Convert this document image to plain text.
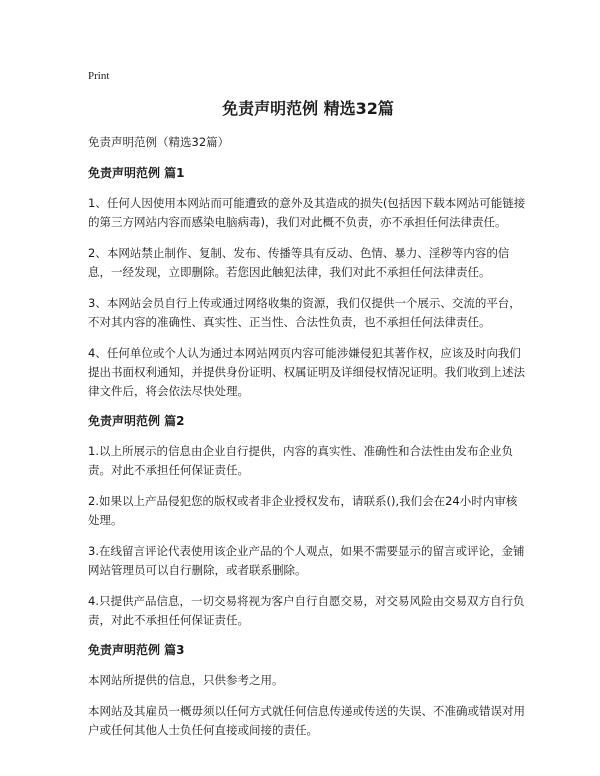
Print
免责声明范例 精选32篇
免责声明范例（精选32篇）
免责声明范例 篇1

1、任何人因使用本网站而可能遭致的意外及其造成的损失(包括因下载本网站可能链接的第三方网站内容而感染电脑病毒)，我们对此概不负责，亦不承担任何法律责任。

2、本网站禁止制作、复制、发布、传播等具有反动、色情、暴力、淫秽等内容的信息，一经发现，立即删除。若您因此触犯法律，我们对此不承担任何法律责任。

3、本网站会员自行上传或通过网络收集的资源，我们仅提供一个展示、交流的平台，不对其内容的准确性、真实性、正当性、合法性负责，也不承担任何法律责任。

4、任何单位或个人认为通过本网站网页内容可能涉嫌侵犯其著作权，应该及时向我们提出书面权利通知，并提供身份证明、权属证明及详细侵权情况证明。我们收到上述法律文件后，将会依法尽快处理。

免责声明范例 篇2

1.以上所展示的信息由企业自行提供，内容的真实性、准确性和合法性由发布企业负责。对此不承担任何保证责任。

2.如果以上产品侵犯您的版权或者非企业授权发布，请联系(),我们会在24小时内审核处理。

3.在线留言评论代表使用该企业产品的个人观点，如果不需要显示的留言或评论，金铺网站管理员可以自行删除，或者联系删除。

4.只提供产品信息，一切交易将视为客户自行自愿交易，对交易风险由交易双方自行负责，对此不承担任何保证责任。

免责声明范例 篇3

本网站所提供的信息，只供参考之用。

本网站及其雇员一概毋须以任何方式就任何信息传递或传送的失误、不准确或错误对用户或任何其他人士负任何直接或间接的责任。
